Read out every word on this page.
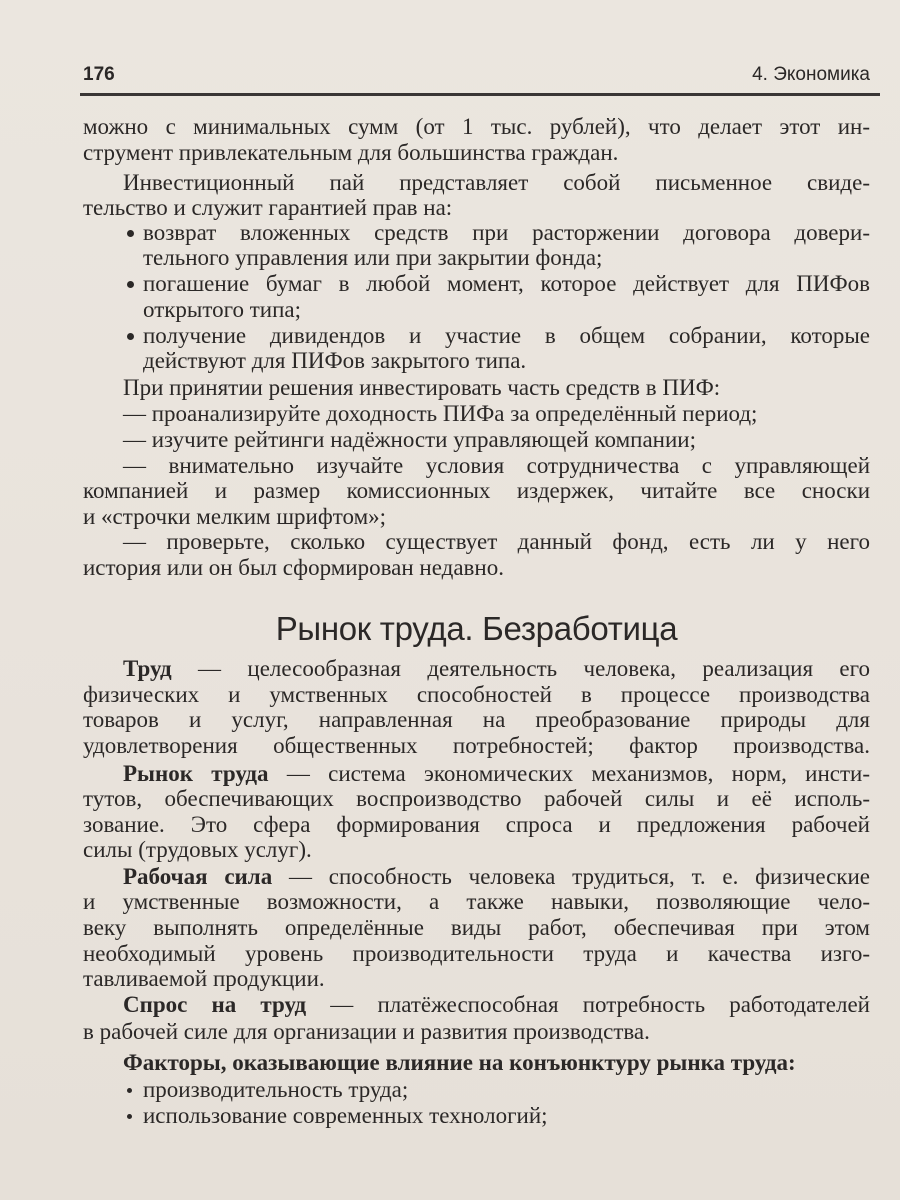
176	4. Экономика
можно с минимальных сумм (от 1 тыс. рублей), что делает этот ин-
струмент привлекательным для большинства граждан.
Инвестиционный пай представляет собой письменное свиде-
тельство и служит гарантией прав на:
возврат вложенных средств при расторжении договора довери-
тельного управления или при закрытии фонда;
погашение бумаг в любой момент, которое действует для ПИФов
открытого типа;
получение дивидендов и участие в общем собрании, которые
действуют для ПИФов закрытого типа.
При принятии решения инвестировать часть средств в ПИФ:
— проанализируйте доходность ПИФа за определённый период;
— изучите рейтинги надёжности управляющей компании;
— внимательно изучайте условия сотрудничества с управляющей
компанией и размер комиссионных издержек, читайте все сноски
и «строчки мелким шрифтом»;
— проверьте, сколько существует данный фонд, есть ли у него
история или он был сформирован недавно.
Рынок труда. Безработица
Труд — целесообразная деятельность человека, реализация его
физических и умственных способностей в процессе производства
товаров и услуг, направленная на преобразование природы для
удовлетворения общественных потребностей; фактор производства.
Рынок труда — система экономических механизмов, норм, инсти-
тутов, обеспечивающих воспроизводство рабочей силы и её исполь-
зование. Это сфера формирования спроса и предложения рабочей
силы (трудовых услуг).
Рабочая сила — способность человека трудиться, т. е. физические
и умственные возможности, а также навыки, позволяющие чело-
веку выполнять определённые виды работ, обеспечивая при этом
необходимый уровень производительности труда и качества изго-
тавливаемой продукции.
Спрос на труд — платёжеспособная потребность работодателей
в рабочей силе для организации и развития производства.
Факторы, оказывающие влияние на конъюнктуру рынка труда:
производительность труда;
использование современных технологий;
